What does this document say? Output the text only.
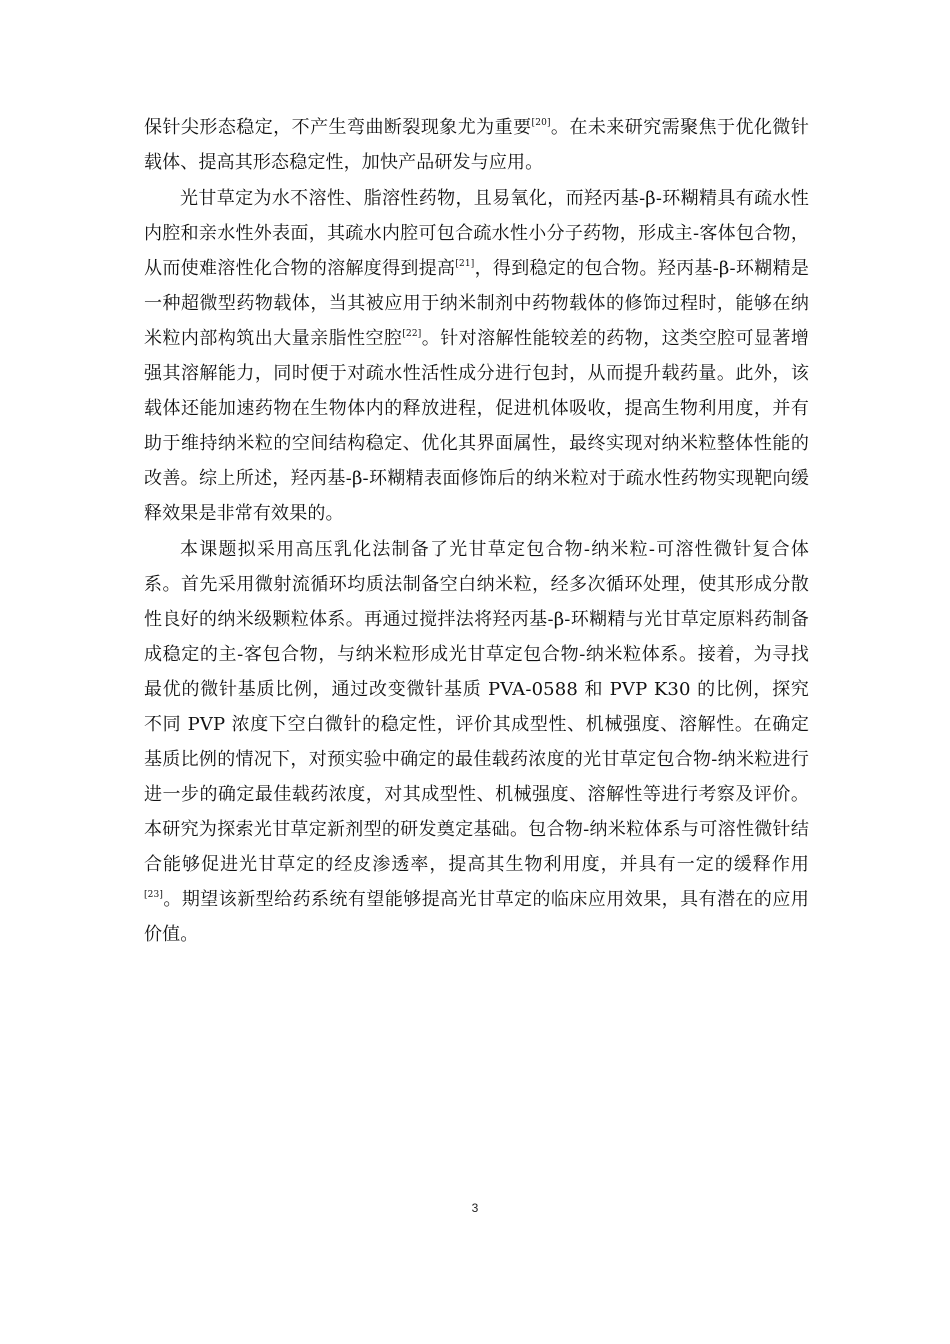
保针尖形态稳定，不产生弯曲断裂现象尤为重要[20]。在未来研究需聚焦于优化微针载体、提高其形态稳定性，加快产品研发与应用。

光甘草定为水不溶性、脂溶性药物，且易氧化，而羟丙基-β-环糊精具有疏水性内腔和亲水性外表面，其疏水内腔可包合疏水性小分子药物，形成主-客体包合物，从而使难溶性化合物的溶解度得到提高[21]，得到稳定的包合物。羟丙基-β-环糊精是一种超微型药物载体，当其被应用于纳米制剂中药物载体的修饰过程时，能够在纳米粒内部构筑出大量亲脂性空腔[22]。针对溶解性能较差的药物，这类空腔可显著增强其溶解能力，同时便于对疏水性活性成分进行包封，从而提升载药量。此外，该载体还能加速药物在生物体内的释放进程，促进机体吸收，提高生物利用度，并有助于维持纳米粒的空间结构稳定、优化其界面属性，最终实现对纳米粒整体性能的改善。综上所述，羟丙基-β-环糊精表面修饰后的纳米粒对于疏水性药物实现靶向缓释效果是非常有效果的。

本课题拟采用高压乳化法制备了光甘草定包合物-纳米粒-可溶性微针复合体系。首先采用微射流循环均质法制备空白纳米粒，经多次循环处理，使其形成分散性良好的纳米级颗粒体系。再通过搅拌法将羟丙基-β-环糊精与光甘草定原料药制备成稳定的主-客包合物，与纳米粒形成光甘草定包合物-纳米粒体系。接着，为寻找最优的微针基质比例，通过改变微针基质 PVA-0588 和 PVP K30 的比例，探究不同 PVP 浓度下空白微针的稳定性，评价其成型性、机械强度、溶解性。在确定基质比例的情况下，对预实验中确定的最佳载药浓度的光甘草定包合物-纳米粒进行进一步的确定最佳载药浓度，对其成型性、机械强度、溶解性等进行考察及评价。本研究为探索光甘草定新剂型的研发奠定基础。包合物-纳米粒体系与可溶性微针结合能够促进光甘草定的经皮渗透率，提高其生物利用度，并具有一定的缓释作用[23]。期望该新型给药系统有望能够提高光甘草定的临床应用效果，具有潜在的应用价值。

3
